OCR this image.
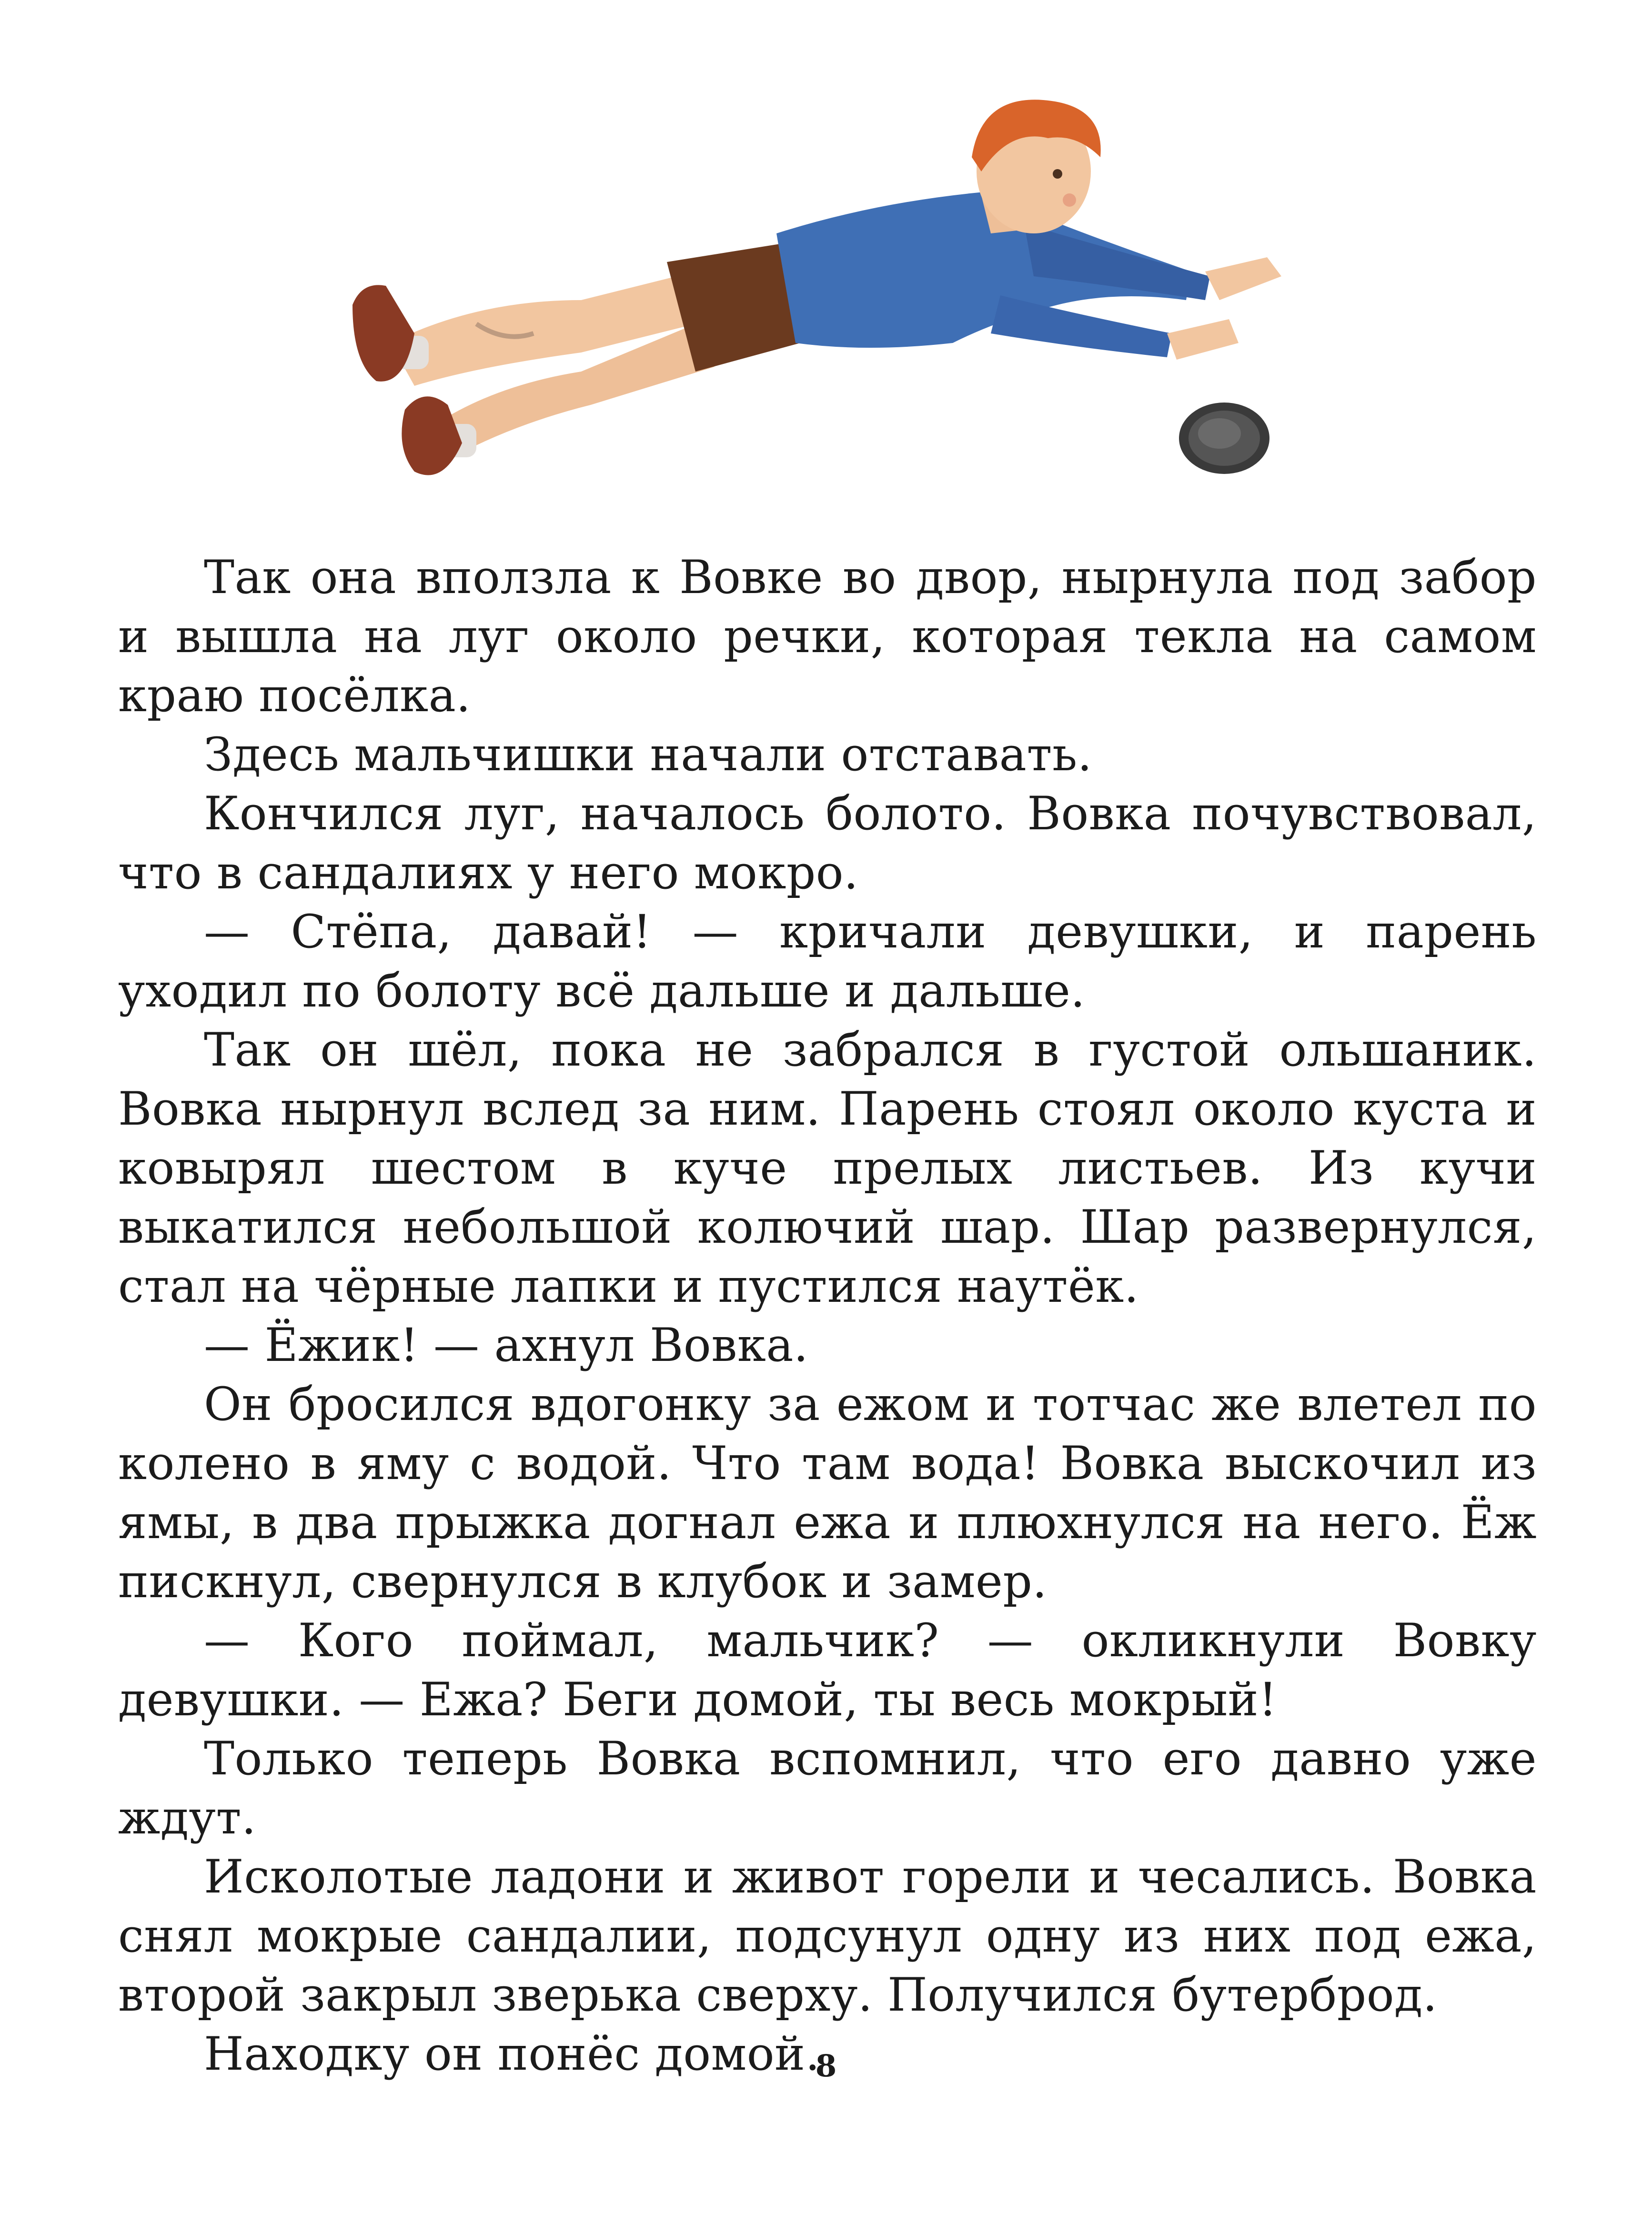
Так она вползла к Вовке во двор, нырнула под забор и вышла на луг около речки, которая текла на самом краю посёлка.

Здесь мальчишки начали отставать.

Кончился луг, началось болото. Вовка почувствовал, что в сандалиях у него мокро.

— Стёпа, давай! — кричали девушки, и парень уходил по болоту всё дальше и дальше.

Так он шёл, пока не забрался в густой ольшаник. Вовка нырнул вслед за ним. Парень стоял около куста и ковырял шестом в куче прелых листьев. Из кучи выкатился небольшой колючий шар. Шар развернулся, стал на чёрные лапки и пустился наутёк.

— Ёжик! — ахнул Вовка.

Он бросился вдогонку за ежом и тотчас же влетел по колено в яму с водой. Что там вода! Вовка выскочил из ямы, в два прыжка догнал ежа и плюхнулся на него. Ёж пискнул, свернулся в клубок и замер.

— Кого поймал, мальчик? — окликнули Вовку девушки. — Ежа? Беги домой, ты весь мокрый!

Только теперь Вовка вспомнил, что его давно уже ждут.

Исколотые ладони и живот горели и чесались. Вовка снял мокрые сандалии, подсунул одну из них под ежа, второй закрыл зверька сверху. Получился бутерброд.

Находку он понёс домой.

8
